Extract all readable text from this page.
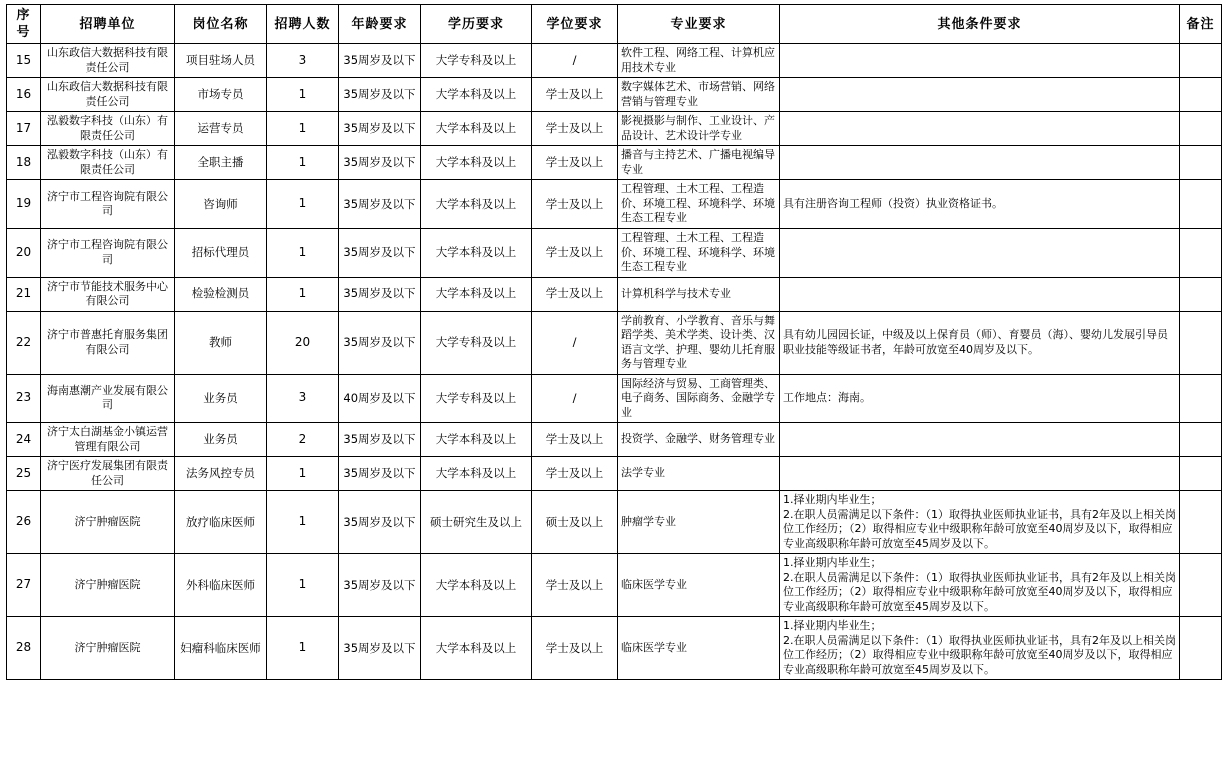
序号	招聘单位	岗位名称	招聘人数	年龄要求	学历要求	学位要求	专业要求	其他条件要求	备注
15	山东政信大数据科技有限责任公司	项目驻场人员	3	35周岁及以下	大学专科及以上	/	软件工程、网络工程、计算机应用技术专业		
16	山东政信大数据科技有限责任公司	市场专员	1	35周岁及以下	大学本科及以上	学士及以上	数字媒体艺术、市场营销、网络营销与管理专业		
17	泓毅数字科技（山东）有限责任公司	运营专员	1	35周岁及以下	大学本科及以上	学士及以上	影视摄影与制作、工业设计、产品设计、艺术设计学专业		
18	泓毅数字科技（山东）有限责任公司	全职主播	1	35周岁及以下	大学本科及以上	学士及以上	播音与主持艺术、广播电视编导专业		
19	济宁市工程咨询院有限公司	咨询师	1	35周岁及以下	大学本科及以上	学士及以上	工程管理、土木工程、工程造价、环境工程、环境科学、环境生态工程专业	具有注册咨询工程师（投资）执业资格证书。	
20	济宁市工程咨询院有限公司	招标代理员	1	35周岁及以下	大学本科及以上	学士及以上	工程管理、土木工程、工程造价、环境工程、环境科学、环境生态工程专业		
21	济宁市节能技术服务中心有限公司	检验检测员	1	35周岁及以下	大学本科及以上	学士及以上	计算机科学与技术专业		
22	济宁市普惠托育服务集团有限公司	教师	20	35周岁及以下	大学专科及以上	/	学前教育、小学教育、音乐与舞蹈学类、美术学类、设计类、汉语言文学、护理、婴幼儿托育服务与管理专业	具有幼儿园园长证，中级及以上保育员（师）、育婴员（海）、婴幼儿发展引导员职业技能等级证书者，年龄可放宽至40周岁及以下。	
23	海南惠潮产业发展有限公司	业务员	3	40周岁及以下	大学专科及以上	/	国际经济与贸易、工商管理类、电子商务、国际商务、金融学专业	工作地点：海南。	
24	济宁太白湖基金小镇运营管理有限公司	业务员	2	35周岁及以下	大学本科及以上	学士及以上	投资学、金融学、财务管理专业		
25	济宁医疗发展集团有限责任公司	法务风控专员	1	35周岁及以下	大学本科及以上	学士及以上	法学专业		
26	济宁肿瘤医院	放疗临床医师	1	35周岁及以下	硕士研究生及以上	硕士及以上	肿瘤学专业	1.择业期内毕业生；
2.在职人员需满足以下条件：（1）取得执业医师执业证书，具有2年及以上相关岗位工作经历；（2）取得相应专业中级职称年龄可放宽至40周岁及以下，取得相应专业高级职称年龄可放宽至45周岁及以下。	

27	济宁肿瘤医院	外科临床医师	1	35周岁及以下	大学本科及以上	学士及以上	临床医学专业	1.择业期内毕业生；
2.在职人员需满足以下条件：（1）取得执业医师执业证书，具有2年及以上相关岗位工作经历；（2）取得相应专业中级职称年龄可放宽至40周岁及以下，取得相应专业高级职称年龄可放宽至45周岁及以下。	

28	济宁肿瘤医院	妇瘤科临床医师	1	35周岁及以下	大学本科及以上	学士及以上	临床医学专业	1.择业期内毕业生；
2.在职人员需满足以下条件：（1）取得执业医师执业证书，具有2年及以上相关岗位工作经历；（2）取得相应专业中级职称年龄可放宽至40周岁及以下，取得相应专业高级职称年龄可放宽至45周岁及以下。	
